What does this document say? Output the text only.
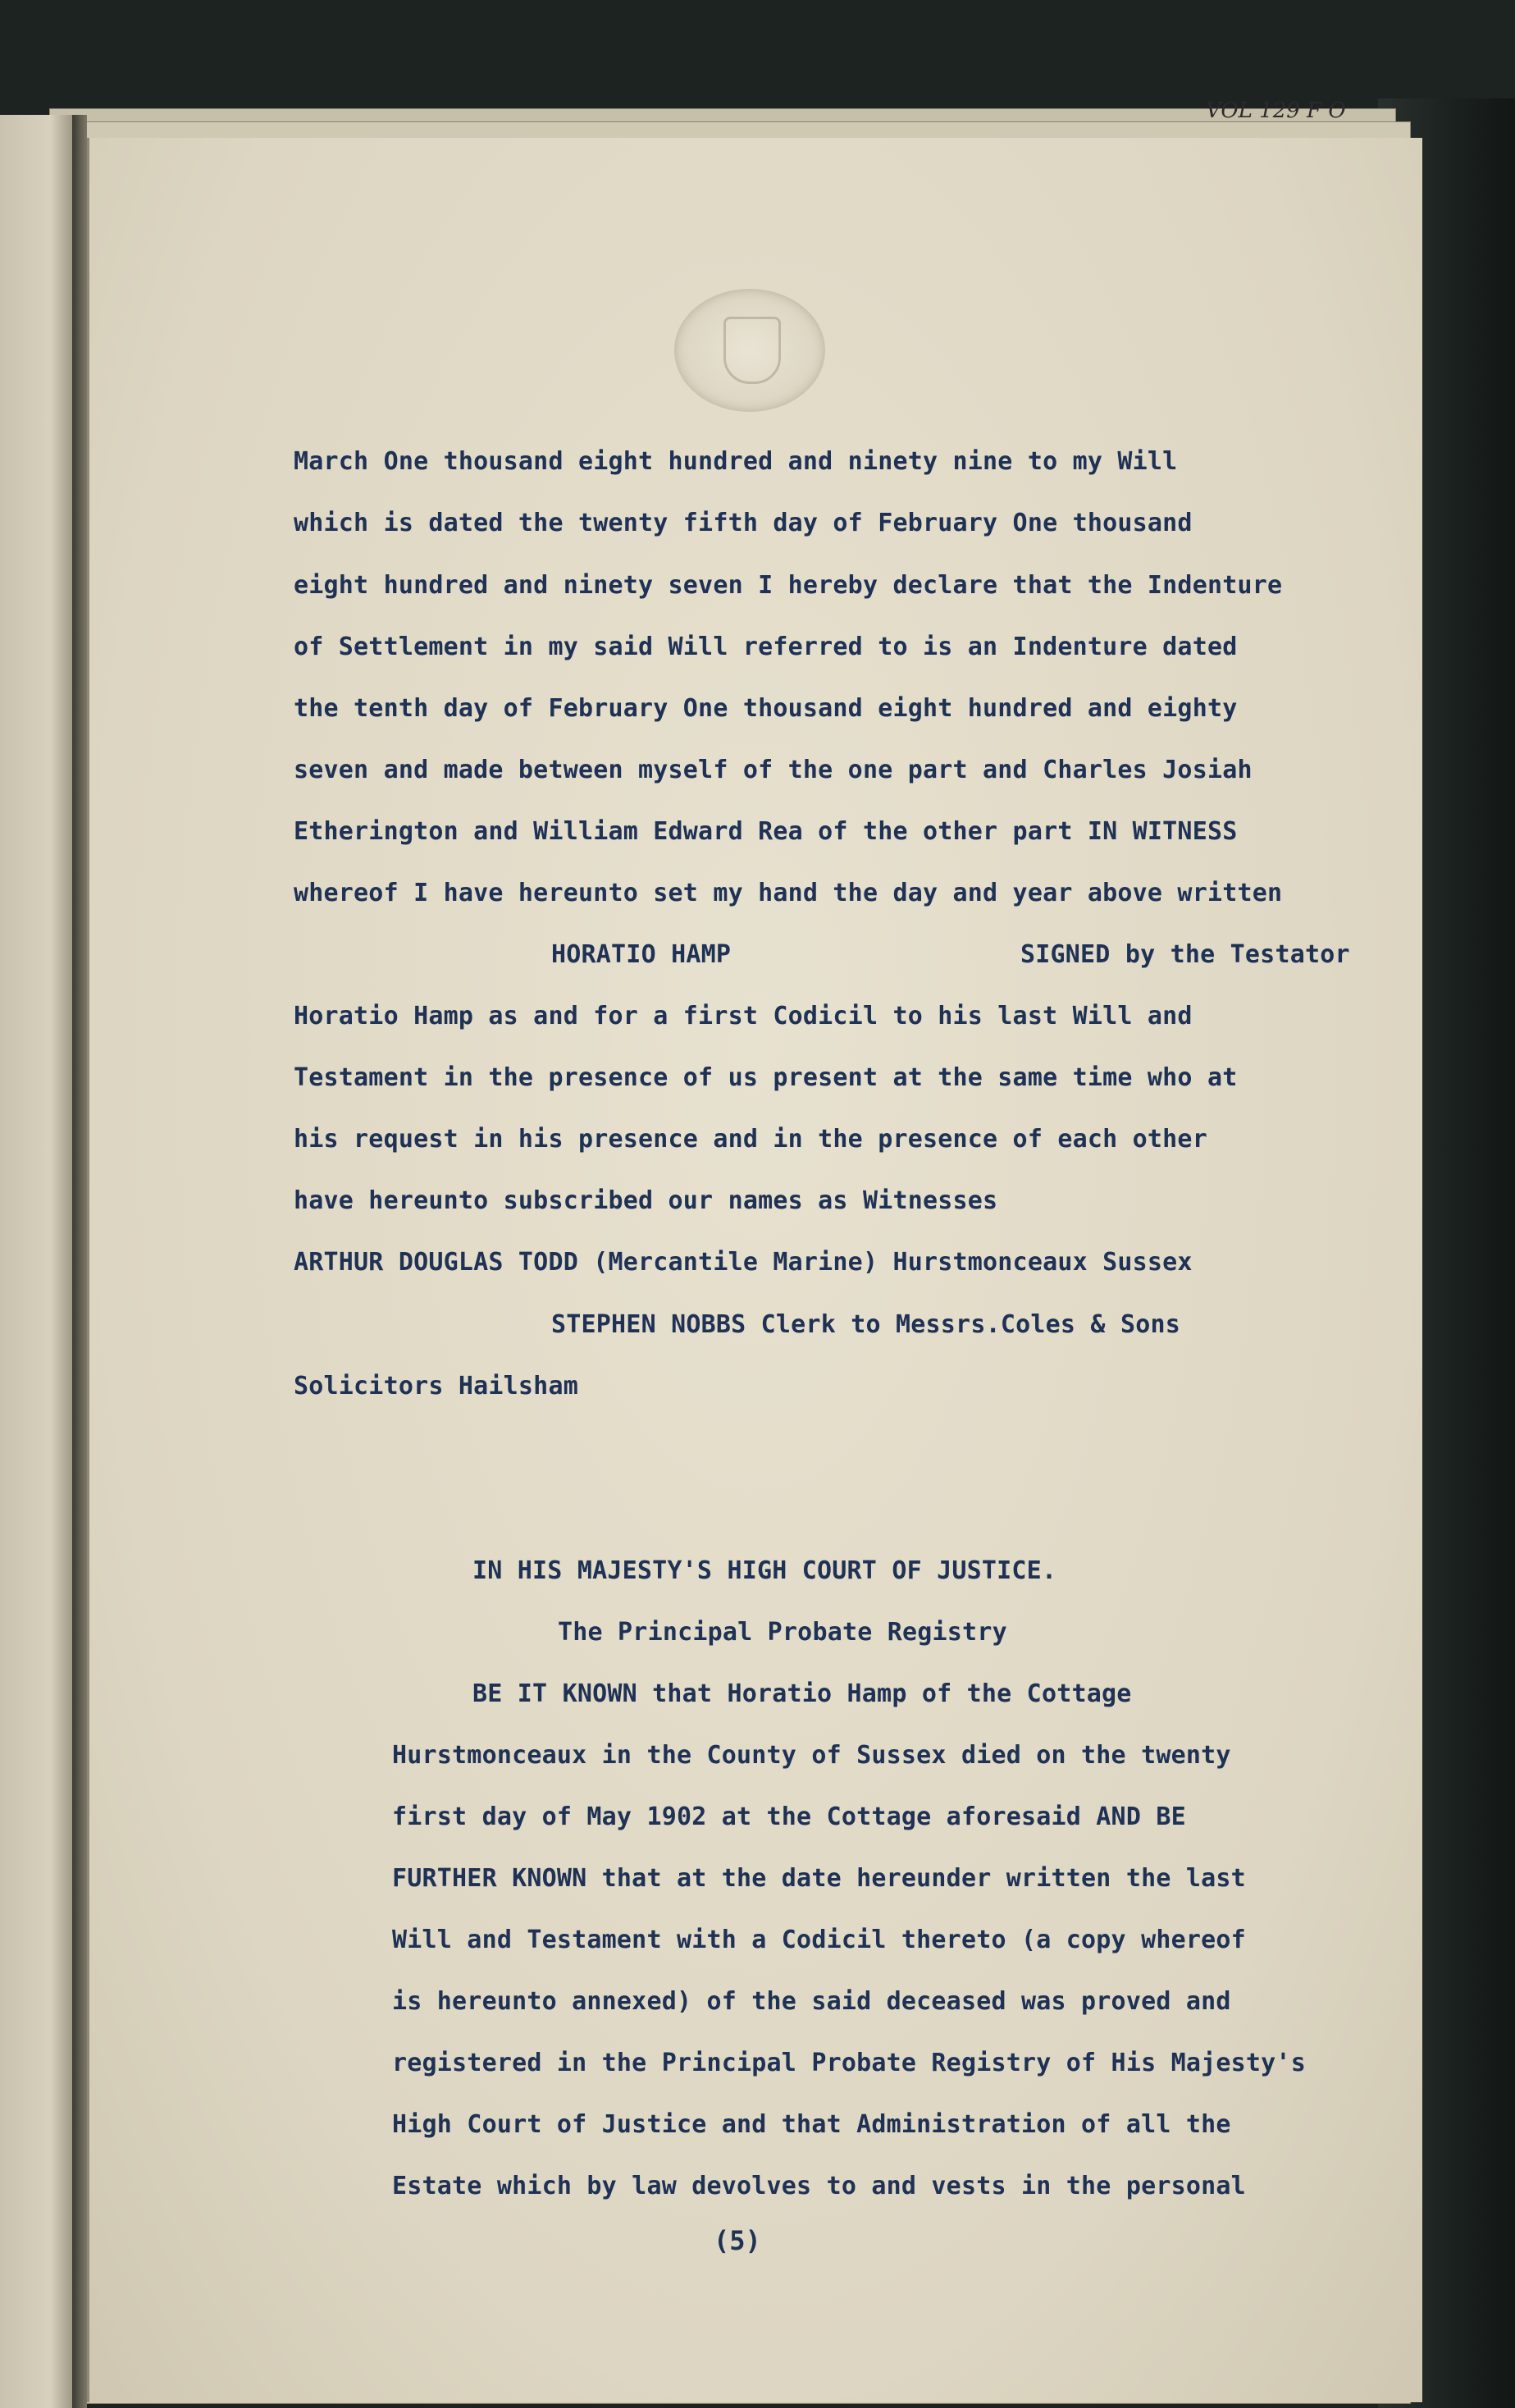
VOL 129 F O
March One thousand eight hundred and ninety nine to my Will
which is dated the twenty fifth day of February One thousand
eight hundred and ninety seven I hereby declare that the Indenture
of Settlement in my said Will referred to is an Indenture dated
the tenth day of February One thousand eight hundred and eighty
seven and made between myself of the one part and Charles Josiah
Etherington and William Edward Rea of the other part IN WITNESS
whereof I have hereunto set my hand the day and year above written
HORATIO HAMP	SIGNED by the Testator
Horatio Hamp as and for a first Codicil to his last Will and
Testament in the presence of us present at the same time who at
his request in his presence and in the presence of each other
have hereunto subscribed our names as Witnesses
ARTHUR DOUGLAS TODD (Mercantile Marine) Hurstmonceaux Sussex
STEPHEN NOBBS Clerk to Messrs.Coles & Sons
Solicitors Hailsham
IN HIS MAJESTY'S HIGH COURT OF JUSTICE.
The Principal Probate Registry
BE IT KNOWN that Horatio Hamp of the Cottage
Hurstmonceaux in the County of Sussex died on the twenty
first day of May 1902 at the Cottage aforesaid AND BE
FURTHER KNOWN that at the date hereunder written the last
Will and Testament with a Codicil thereto (a copy whereof
is hereunto annexed) of the said deceased was proved and
registered in the Principal Probate Registry of His Majesty's
High Court of Justice and that Administration of all the
Estate which by law devolves to and vests in the personal
(5)
